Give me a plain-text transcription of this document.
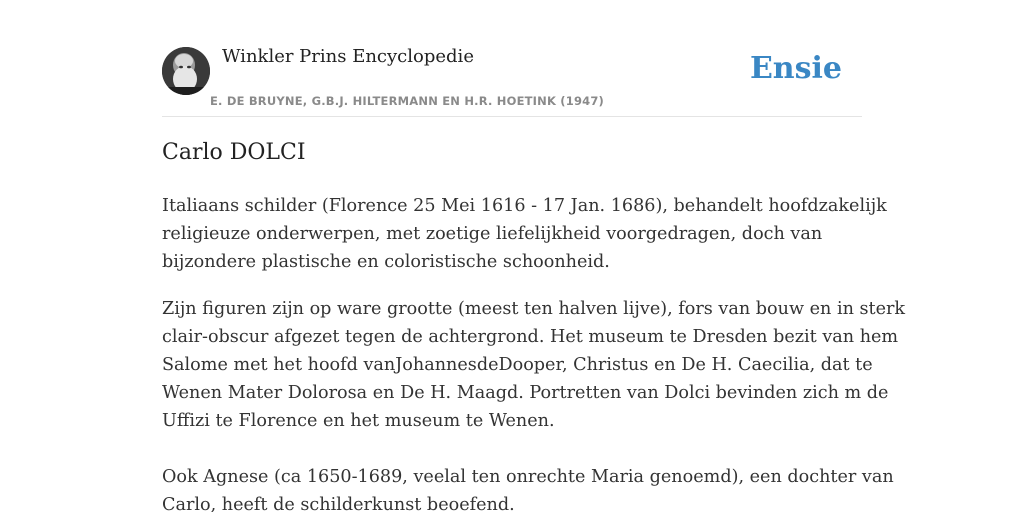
Winkler Prins Encyclopedie
E. DE BRUYNE, G.B.J. HILTERMANN EN H.R. HOETINK (1947)
Ensie
Carlo DOLCI

Italiaans schilder (Florence 25 Mei 1616 - 17 Jan. 1686), behandelt hoofdzakelijk
religieuze onderwerpen, met zoetige liefelijkheid voorgedragen, doch van
bijzondere plastische en coloristische schoonheid.

Zijn figuren zijn op ware grootte (meest ten halven lijve), fors van bouw en in sterk
clair-obscur afgezet tegen de achtergrond. Het museum te Dresden bezit van hem
Salome met het hoofd vanJohannesdeDooper, Christus en De H. Caecilia, dat te
Wenen Mater Dolorosa en De H. Maagd. Portretten van Dolci bevinden zich m de
Uffizi te Florence en het museum te Wenen.

Ook Agnese (ca 1650-1689, veelal ten onrechte Maria genoemd), een dochter van
Carlo, heeft de schilderkunst beoefend.
